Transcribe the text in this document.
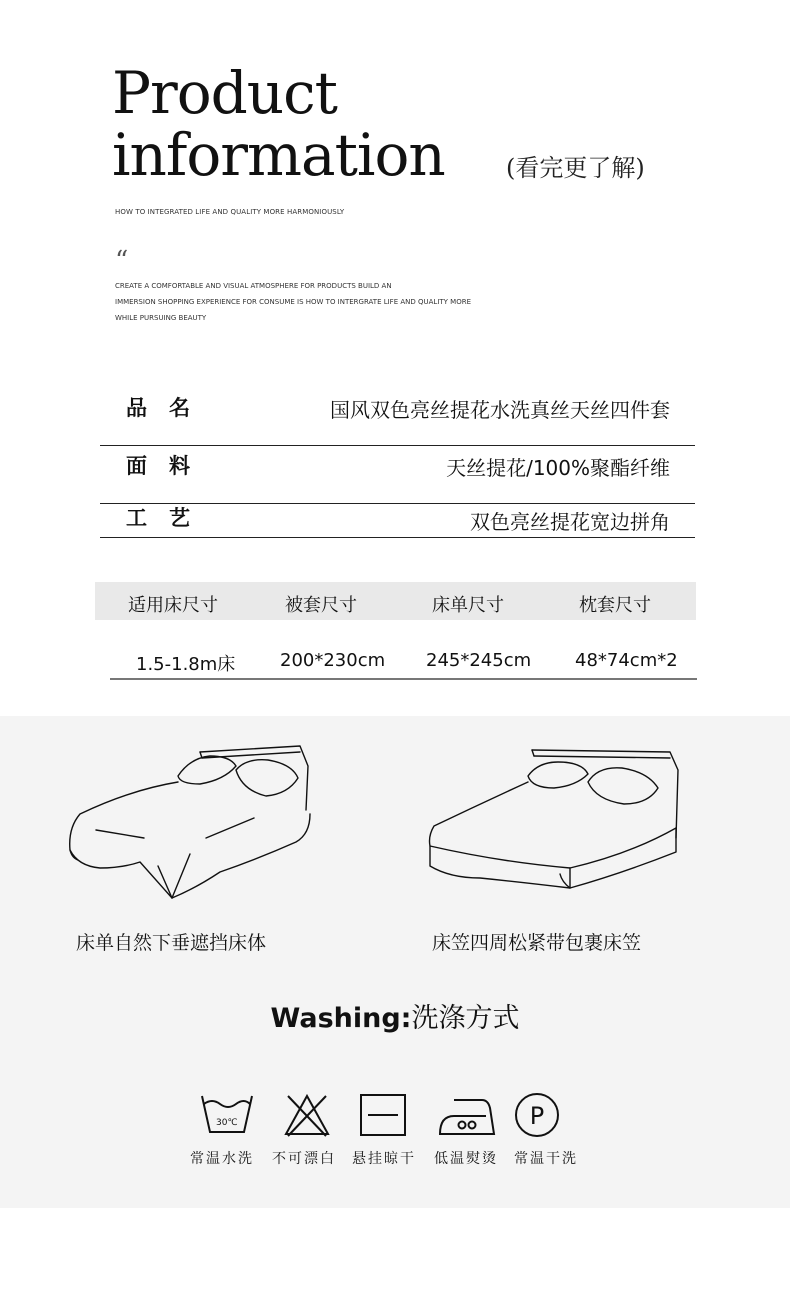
Product
information	(看完更了解)
HOW TO INTEGRATED LIFE AND QUALITY MORE HARMONIOUSLY
“
CREATE A COMFORTABLE AND VISUAL ATMOSPHERE FOR PRODUCTS BUILD AN
IMMERSION SHOPPING EXPERIENCE FOR CONSUME IS HOW TO INTERGRATE LIFE AND QUALITY MORE
WHILE PURSUING BEAUTY
品名	国风双色亮丝提花水洗真丝天丝四件套
面料	天丝提花/100%聚酯纤维
工艺	双色亮丝提花宽边拼角
适用床尺寸	被套尺寸	床单尺寸	枕套尺寸
1.5-1.8m床 200*230cm 245*245cm 48*74cm*2
床单自然下垂遮挡床体	床笠四周松紧带包裹床笠
Washing:洗涤方式
30℃	P
常温水洗 不可漂白 悬挂晾干 低温熨烫 常温干洗
